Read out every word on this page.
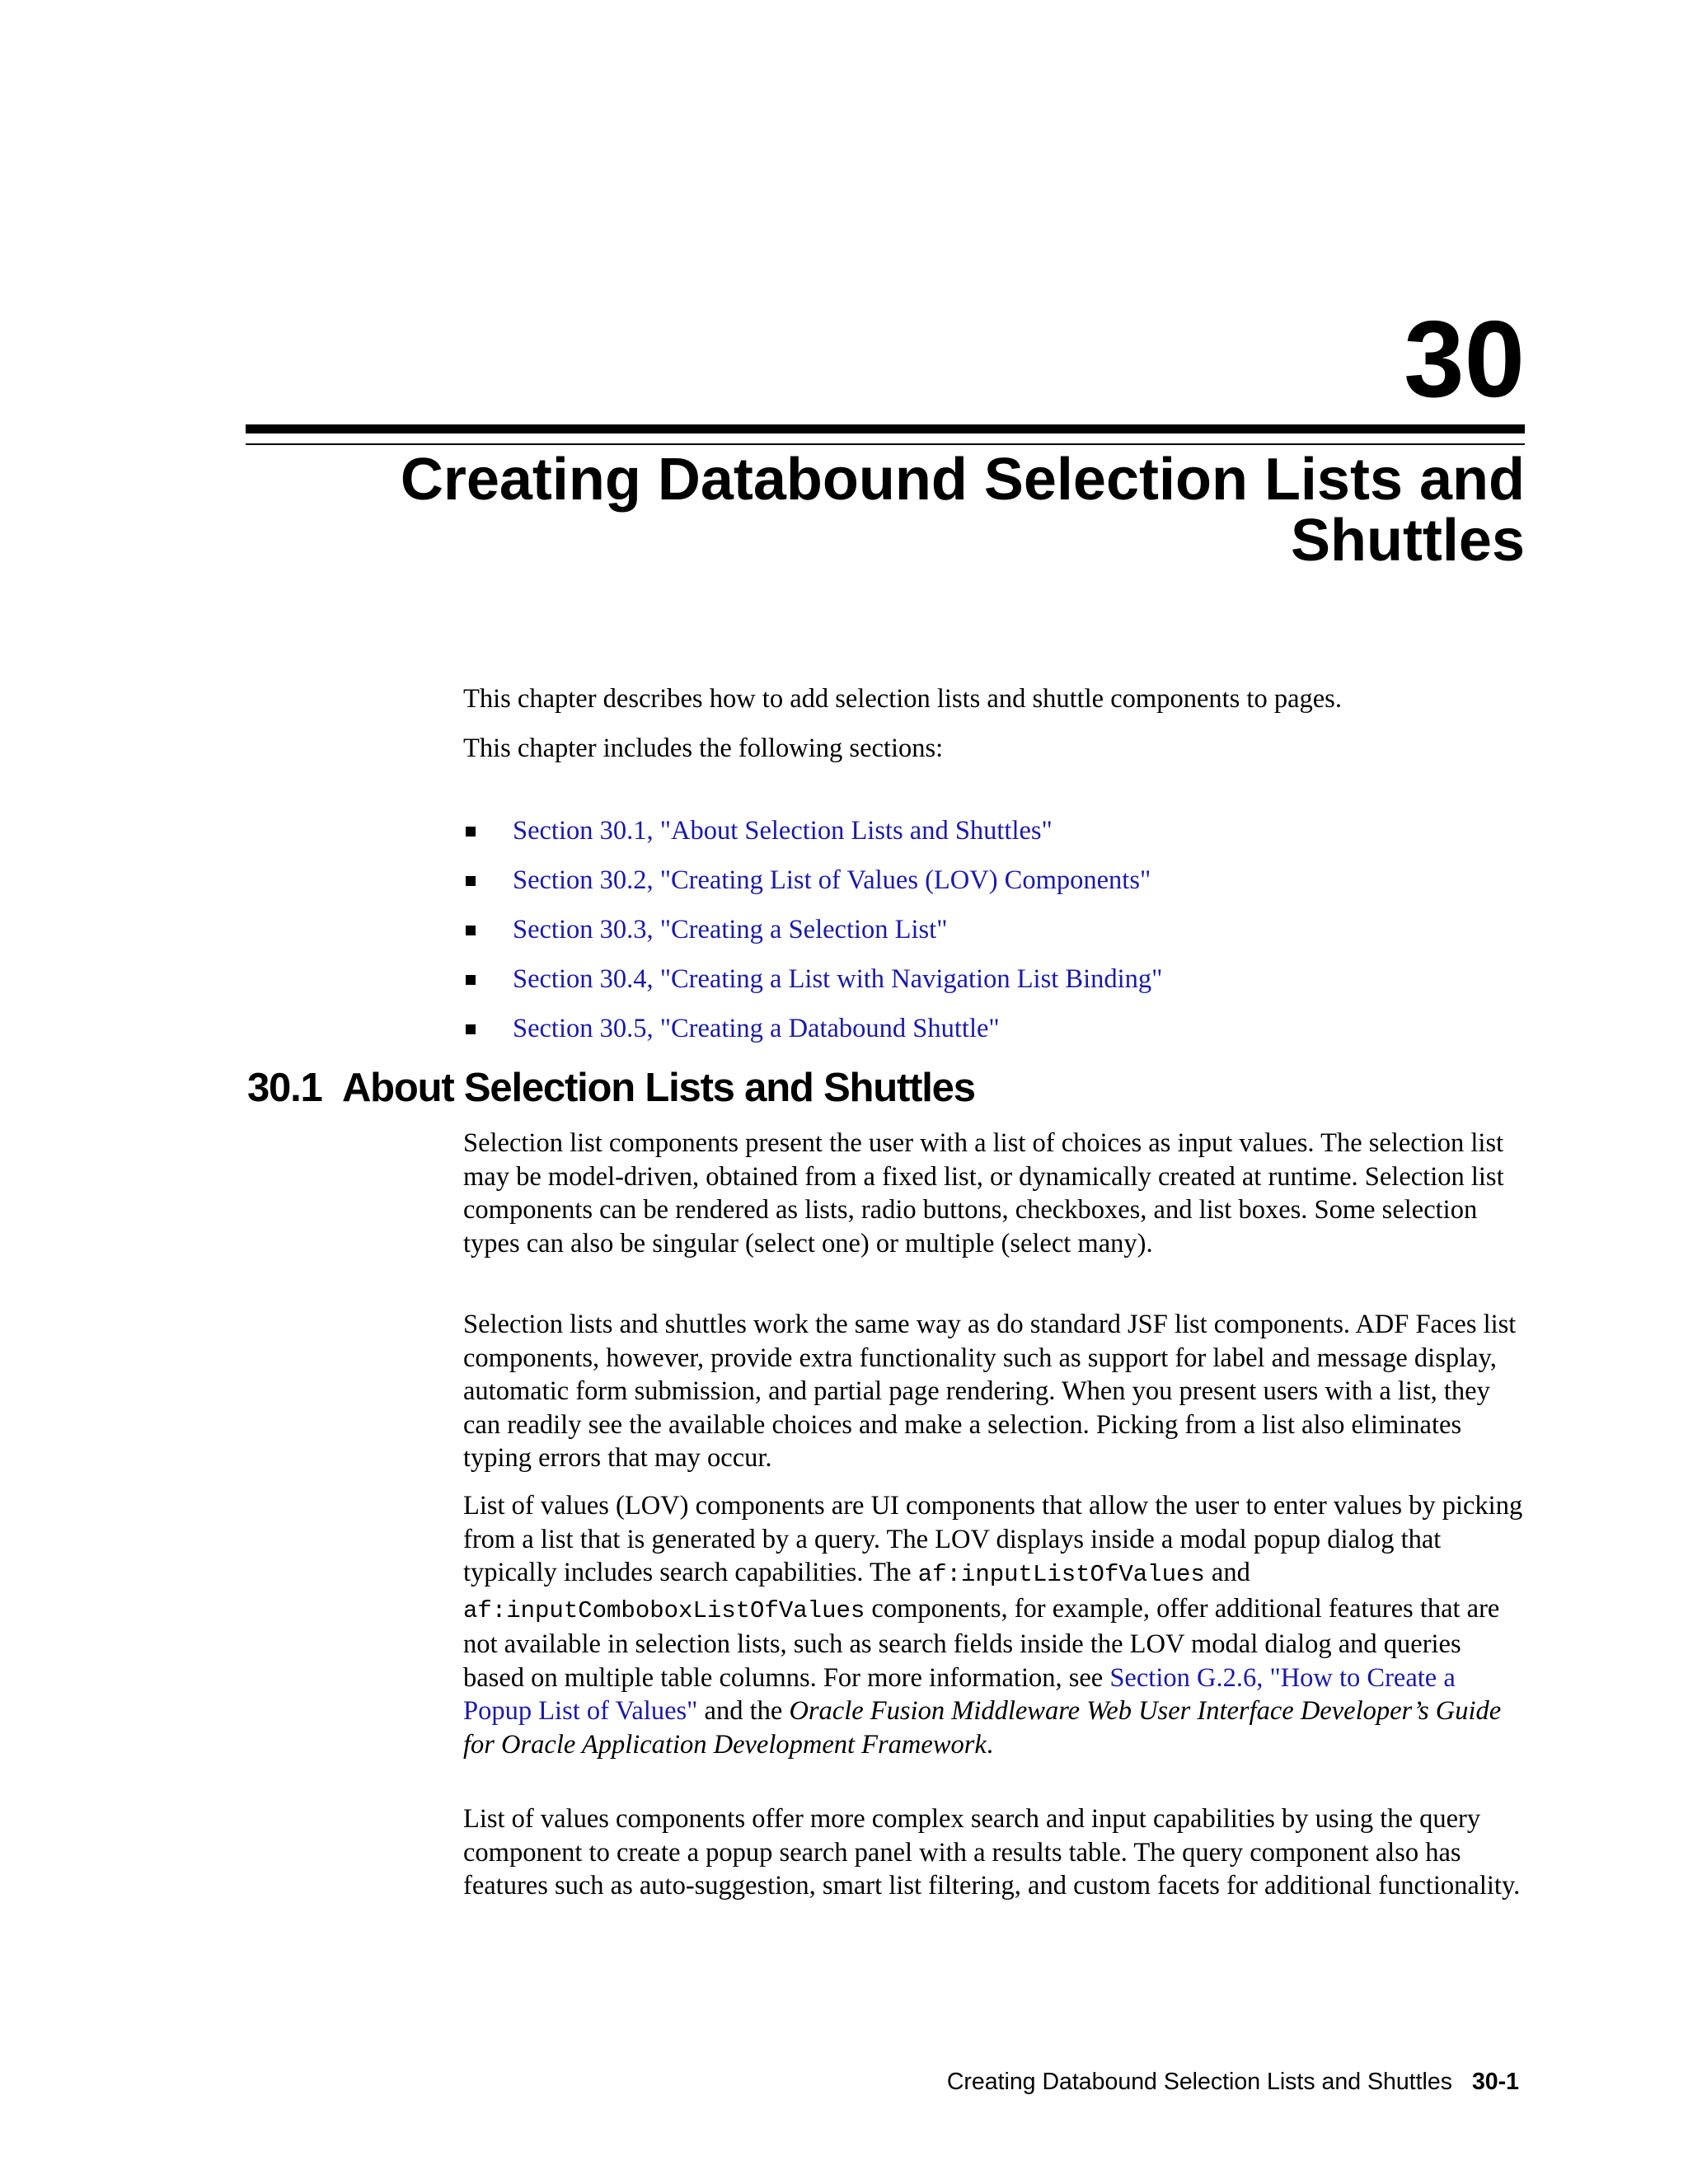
30
Creating Databound Selection Lists and
Shuttles

This chapter describes how to add selection lists and shuttle components to pages.

This chapter includes the following sections:

Section 30.1, "About Selection Lists and Shuttles"
Section 30.2, "Creating List of Values (LOV) Components"
Section 30.3, "Creating a Selection List"
Section 30.4, "Creating a List with Navigation List Binding"
Section 30.5, "Creating a Databound Shuttle"
30.1 About Selection Lists and Shuttles

Selection list components present the user with a list of choices as input values. The selection list may be model-driven, obtained from a fixed list, or dynamically created at runtime. Selection list components can be rendered as lists, radio buttons, checkboxes, and list boxes. Some selection types can also be singular (select one) or multiple (select many).

Selection lists and shuttles work the same way as do standard JSF list components. ADF Faces list components, however, provide extra functionality such as support for label and message display, automatic form submission, and partial page rendering. When you present users with a list, they can readily see the available choices and make a selection. Picking from a list also eliminates typing errors that may occur.

List of values (LOV) components are UI components that allow the user to enter values by picking from a list that is generated by a query. The LOV displays inside a modal popup dialog that typically includes search capabilities. The af:inputListOfValues and af:inputComboboxListOfValues components, for example, offer additional features that are not available in selection lists, such as search fields inside the LOV modal dialog and queries based on multiple table columns. For more information, see Section G.2.6, "How to Create a Popup List of Values" and the Oracle Fusion Middleware Web User Interface Developer’s Guide for Oracle Application Development Framework.

List of values components offer more complex search and input capabilities by using the query component to create a popup search panel with a results table. The query component also has features such as auto-suggestion, smart list filtering, and custom facets for additional functionality.

Creating Databound Selection Lists and Shuttles 30-1
